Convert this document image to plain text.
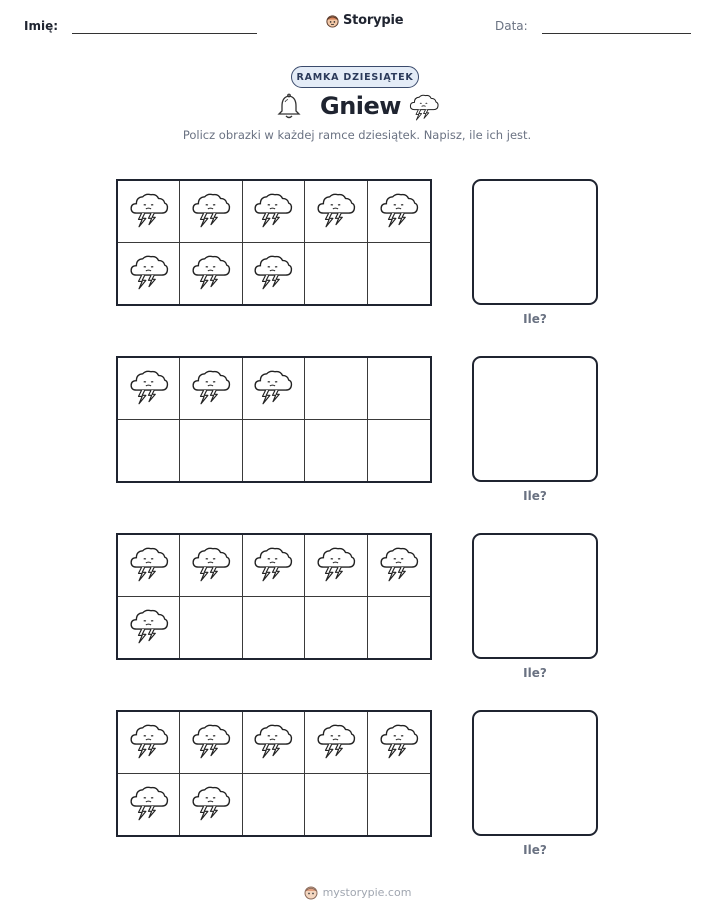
Imię:	Storypie	Data:
RAMKA DZIESIĄTEK
Gniew
Policz obrazki w każdej ramce dziesiątek. Napisz, ile ich jest.
Ile?
Ile?
Ile?
Ile?
mystorypie.com
